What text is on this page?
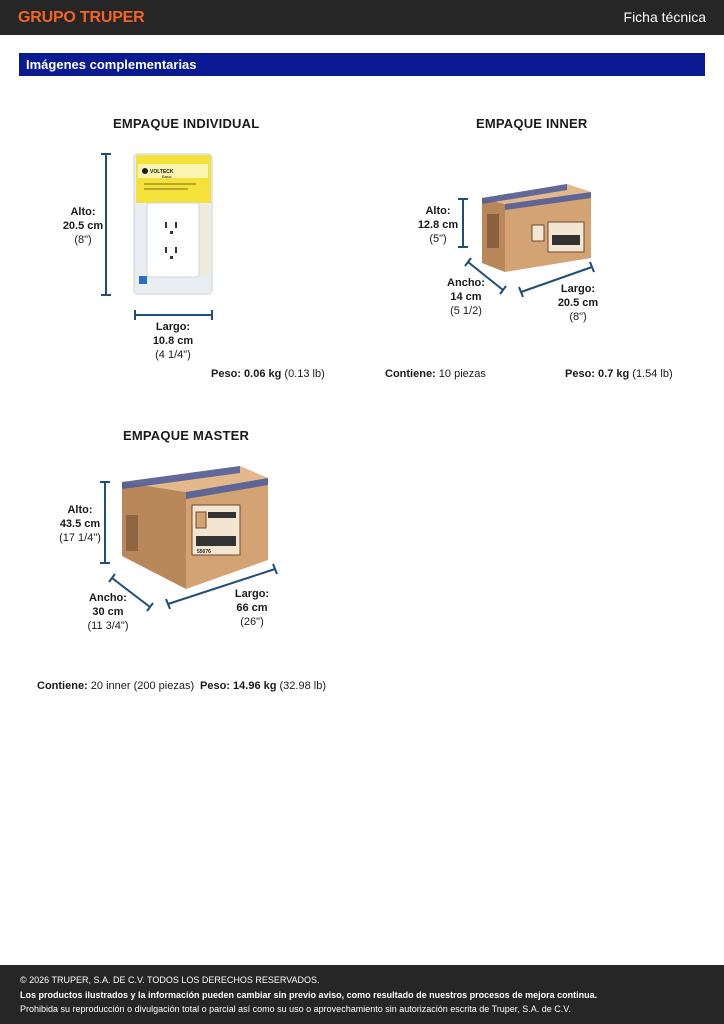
GRUPO TRUPER	Ficha técnica
Imágenes complementarias
VOLTECK
Basic
55076
EMPAQUE INDIVIDUAL
Alto:
20.5 cm
(8")
Largo:
10.8 cm
(4 1/4")
Peso: 0.06 kg (0.13 lb)
EMPAQUE INNER
Alto:
12.8 cm
(5")
Ancho:
14 cm
(5 1/2)
Largo:
20.5 cm
(8")
Contiene: 10 piezas	Peso: 0.7 kg (1.54 lb)
EMPAQUE MASTER
Alto:
43.5 cm
(17 1/4")
Ancho:
30 cm
(11 3/4")
Largo:
66 cm
(26")
Contiene: 20 inner (200 piezas) Peso: 14.96 kg (32.98 lb)
© 2026 TRUPER, S.A. DE C.V. TODOS LOS DERECHOS RESERVADOS.
Los productos ilustrados y la información pueden cambiar sin previo aviso, como resultado de nuestros procesos de mejora continua.
Prohibida su reproducción o divulgación total o parcial así como su uso o aprovechamiento sin autorización escrita de Truper, S.A. de C.V.
